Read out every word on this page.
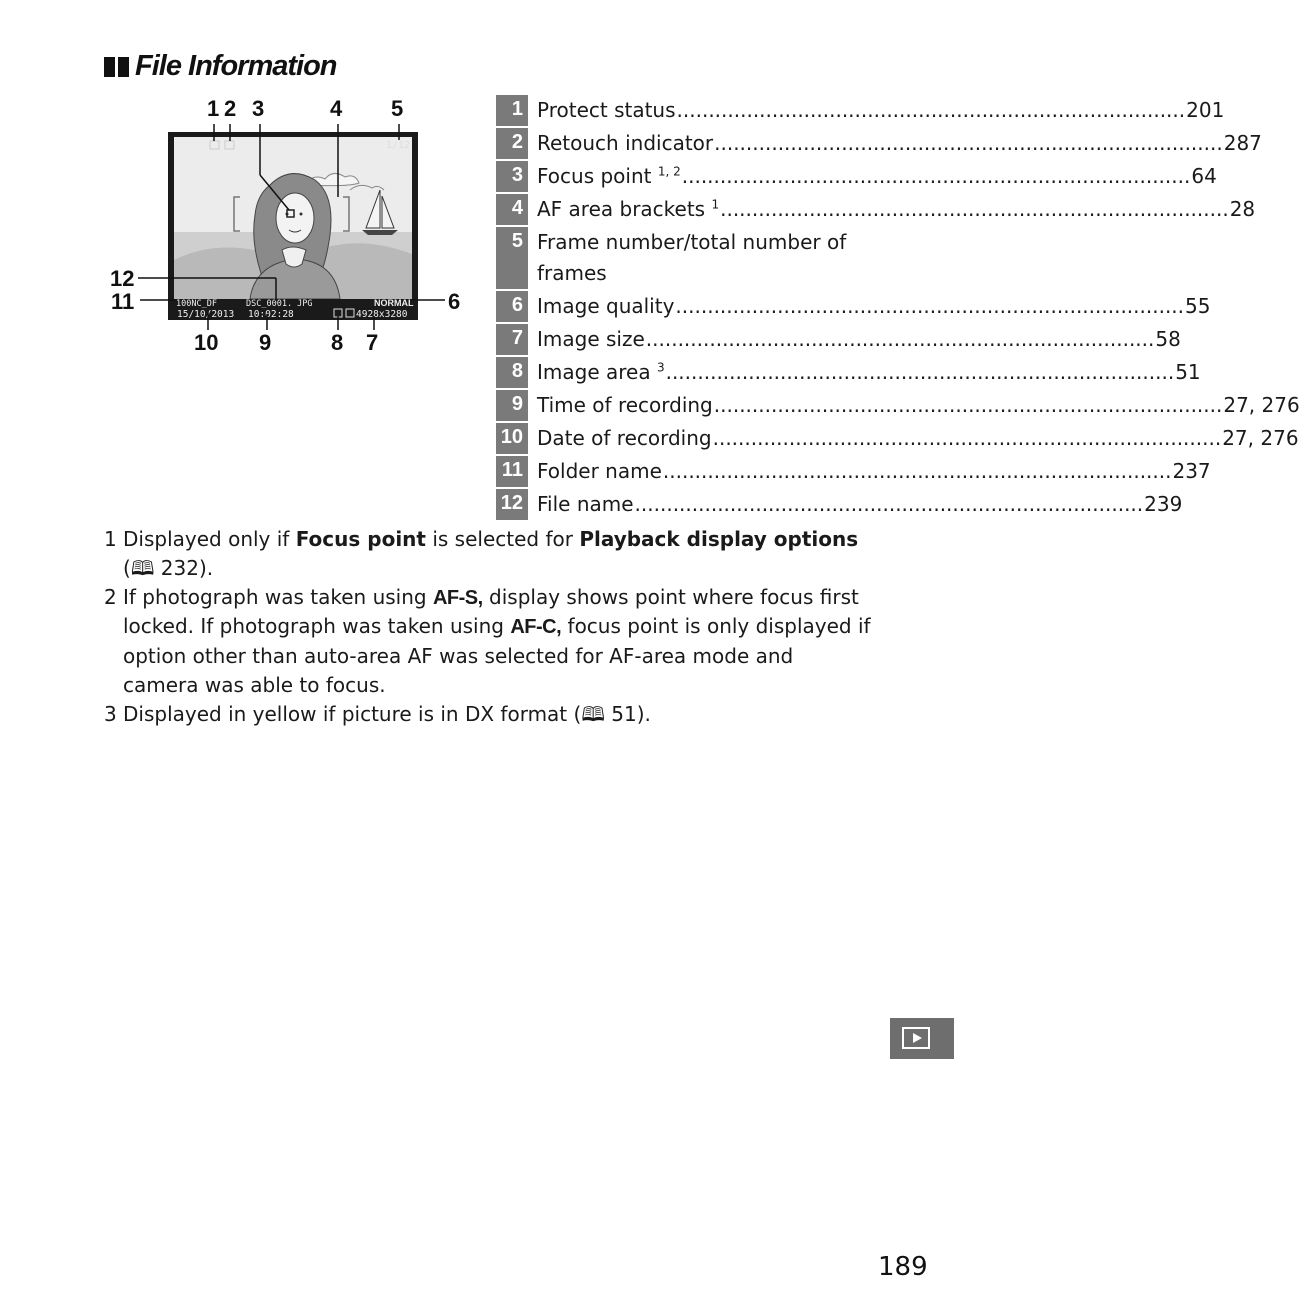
File Information
1 2 3	4 5
6
7
8
9
10
11
12
1/12
100NC_DF	DSC_0001. JPG	NORMAL
15/10/2013 10:02:28	4928x3280
1 Protect status ................................................................................ 201
2 Retouch indicator ................................................................................ 287
3 Focus point $^{1, 2}$ ................................................................................ 64
4 AF area brackets $^1$ ................................................................................ 28
5 Frame number/total number of
frames
6 Image quality ................................................................................ 55
7 Image size ................................................................................ 58
8 Image area $^3$ ................................................................................ 51
9 Time of recording ................................................................................ 27, 276
10 Date of recording ................................................................................ 27, 276
11 Folder name ................................................................................ 237
12 File name ................................................................................ 239
1 Displayed only if Focus point is selected for Playback display options
(🕮 232).
2 If photograph was taken using AF-S, display shows point where focus first locked. If photograph was taken using AF-C, focus point is only displayed if option other than auto-area AF was selected for AF-area mode and camera was able to focus.
3 Displayed in yellow if picture is in DX format (🕮 51).
189
